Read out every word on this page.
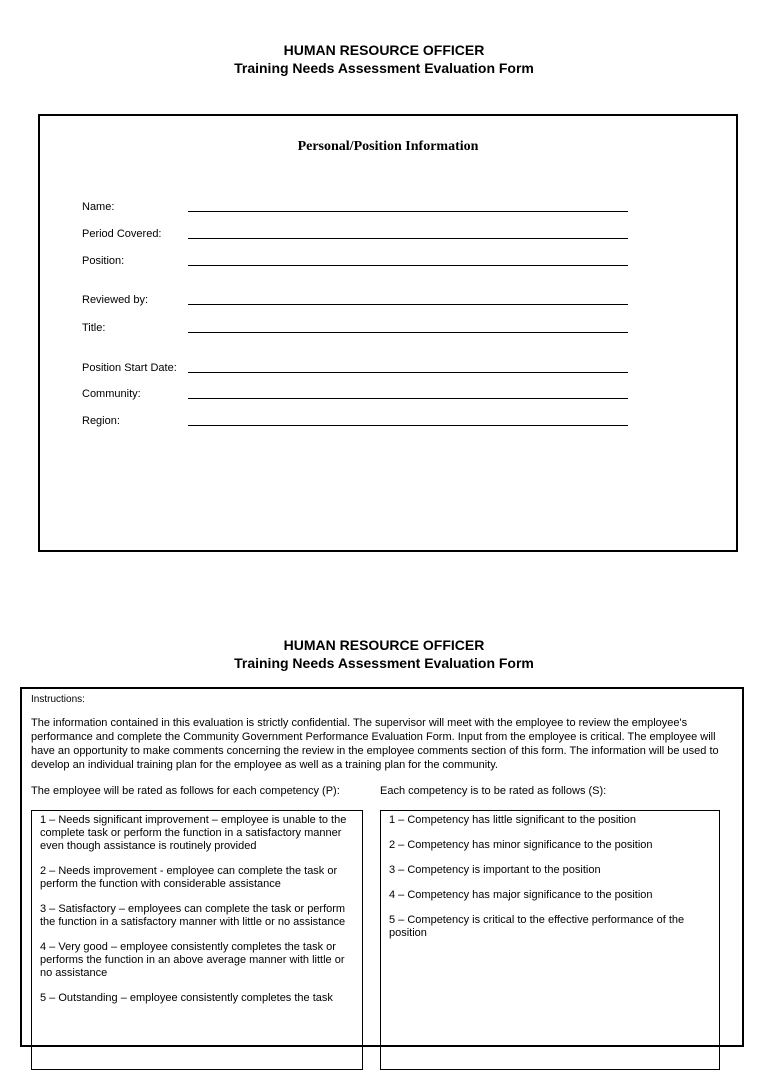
HUMAN RESOURCE OFFICER
Training Needs Assessment Evaluation Form
Personal/Position Information
Name:
Period Covered:
Position:
Reviewed by:
Title:
Position Start Date:
Community:
Region:
HUMAN RESOURCE OFFICER
Training Needs Assessment Evaluation Form
Instructions:

The information contained in this evaluation is strictly confidential. The supervisor will meet with the employee to review the employee's performance and complete the Community Government Performance Evaluation Form. Input from the employee is critical. The employee will have an opportunity to make comments concerning the review in the employee comments section of this form. The information will be used to develop an individual training plan for the employee as well as a training plan for the community.

The employee will be rated as follows for each competency (P):	Each competency is to be rated as follows (S):

1 – Needs significant improvement – employee is unable to the complete task or perform the function in a satisfactory manner even though assistance is routinely provided

2 – Needs improvement - employee can complete the task or perform the function with considerable assistance

3 – Satisfactory – employees can complete the task or perform the function in a satisfactory manner with little or no assistance

4 – Very good – employee consistently completes the task or performs the function in an above average manner with little or no assistance

5 – Outstanding – employee consistently completes the task

1 – Competency has little significant to the position

2 – Competency has minor significance to the position

3 – Competency is important to the position

4 – Competency has major significance to the position

5 – Competency is critical to the effective performance of the position
